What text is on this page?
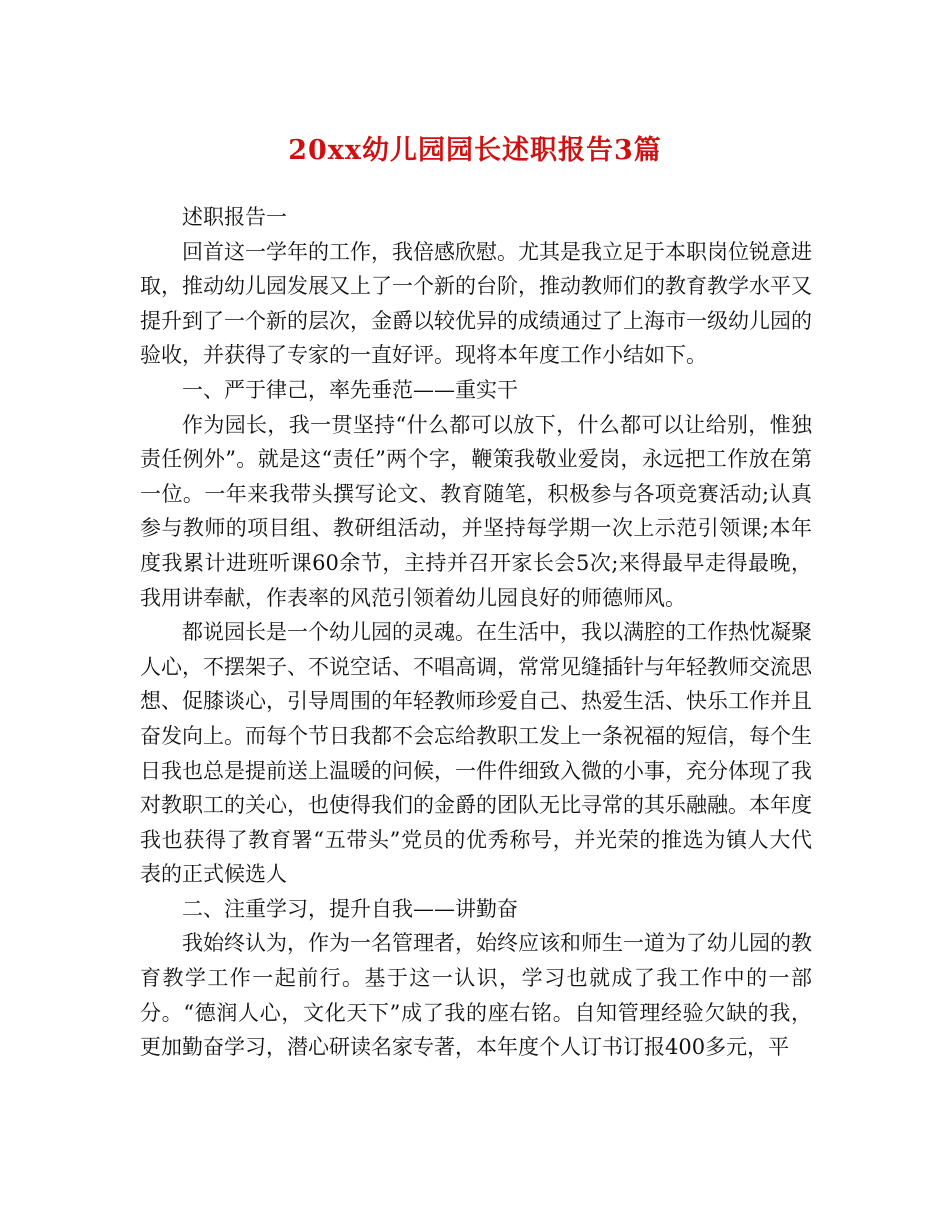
20xx幼儿园园长述职报告3篇

述职报告一

回首这一学年的工作，我倍感欣慰。尤其是我立足于本职岗位锐意进取，推动幼儿园发展又上了一个新的台阶，推动教师们的教育教学水平又提升到了一个新的层次，金爵以较优异的成绩通过了上海市一级幼儿园的验收，并获得了专家的一直好评。现将本年度工作小结如下。

一、严于律己，率先垂范——重实干

作为园长，我一贯坚持“什么都可以放下，什么都可以让给别，惟独责任例外”。就是这“责任”两个字，鞭策我敬业爱岗，永远把工作放在第一位。一年来我带头撰写论文、教育随笔，积极参与各项竞赛活动;认真参与教师的项目组、教研组活动，并坚持每学期一次上示范引领课;本年度我累计进班听课60余节，主持并召开家长会5次;来得最早走得最晚，我用讲奉献，作表率的风范引领着幼儿园良好的师德师风。

都说园长是一个幼儿园的灵魂。在生活中，我以满腔的工作热忱凝聚人心，不摆架子、不说空话、不唱高调，常常见缝插针与年轻教师交流思想、促膝谈心，引导周围的年轻教师珍爱自己、热爱生活、快乐工作并且奋发向上。而每个节日我都不会忘给教职工发上一条祝福的短信，每个生日我也总是提前送上温暖的问候，一件件细致入微的小事，充分体现了我对教职工的关心，也使得我们的金爵的团队无比寻常的其乐融融。本年度我也获得了教育署“五带头”党员的优秀称号，并光荣的推选为镇人大代表的正式候选人

二、注重学习，提升自我——讲勤奋

我始终认为，作为一名管理者，始终应该和师生一道为了幼儿园的教育教学工作一起前行。基于这一认识，学习也就成了我工作中的一部分。“德润人心，文化天下”成了我的座右铭。自知管理经验欠缺的我，更加勤奋学习，潜心研读名家专著，本年度个人订书订报400多元，平
